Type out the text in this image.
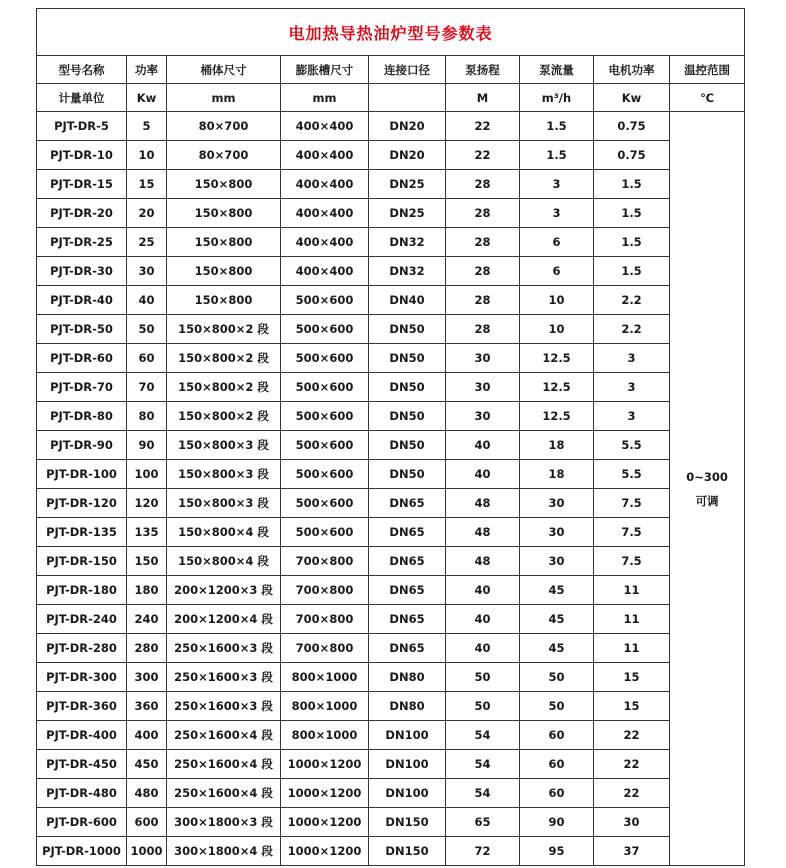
电加热导热油炉型号参数表								
型号名称	功率	桶体尺寸	膨胀槽尺寸	连接口径	泵扬程	泵流量	电机功率	温控范围
计量单位	Kw	mm	mm		M	m³/h	Kw	℃
PJT-DR-5	5	80×700	400×400	DN20	22	1.5	0.75	0~300
可调

PJT-DR-10	10	80×700	400×400	DN20	22	1.5	0.75	
PJT-DR-15	15	150×800	400×400	DN25	28	3	1.5	
PJT-DR-20	20	150×800	400×400	DN25	28	3	1.5	
PJT-DR-25	25	150×800	400×400	DN32	28	6	1.5	
PJT-DR-30	30	150×800	400×400	DN32	28	6	1.5	
PJT-DR-40	40	150×800	500×600	DN40	28	10	2.2	
PJT-DR-50	50	150×800×2 段	500×600	DN50	28	10	2.2	
PJT-DR-60	60	150×800×2 段	500×600	DN50	30	12.5	3	
PJT-DR-70	70	150×800×2 段	500×600	DN50	30	12.5	3	
PJT-DR-80	80	150×800×2 段	500×600	DN50	30	12.5	3	
PJT-DR-90	90	150×800×3 段	500×600	DN50	40	18	5.5	
PJT-DR-100	100	150×800×3 段	500×600	DN50	40	18	5.5	
PJT-DR-120	120	150×800×3 段	500×600	DN65	48	30	7.5	
PJT-DR-135	135	150×800×4 段	500×600	DN65	48	30	7.5	
PJT-DR-150	150	150×800×4 段	700×800	DN65	48	30	7.5	
PJT-DR-180	180	200×1200×3 段	700×800	DN65	40	45	11	
PJT-DR-240	240	200×1200×4 段	700×800	DN65	40	45	11	
PJT-DR-280	280	250×1600×3 段	700×800	DN65	40	45	11	
PJT-DR-300	300	250×1600×3 段	800×1000	DN80	50	50	15	
PJT-DR-360	360	250×1600×3 段	800×1000	DN80	50	50	15	
PJT-DR-400	400	250×1600×4 段	800×1000	DN100	54	60	22	
PJT-DR-450	450	250×1600×4 段	1000×1200	DN100	54	60	22	
PJT-DR-480	480	250×1600×4 段	1000×1200	DN100	54	60	22	
PJT-DR-600	600	300×1800×3 段	1000×1200	DN150	65	90	30	
PJT-DR-1000	1000	300×1800×4 段	1000×1200	DN150	72	95	37	
